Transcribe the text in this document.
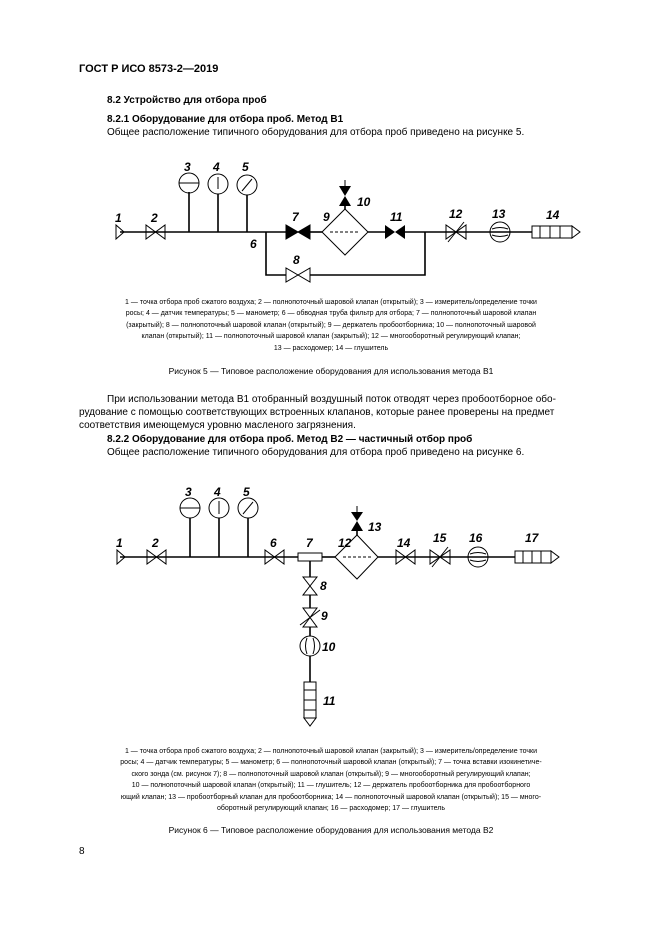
ГОСТ Р ИСО 8573-2—2019
8.2 Устройство для отбора проб
8.2.1 Оборудование для отбора проб. Метод B1
Общее расположение типичного оборудования для отбора проб приведено на рисунке 5.
3 4 5
1 2
6
7
8
9
10
11	12 13	14
1 — точка отбора проб сжатого воздуха; 2 — полнопоточный шаровой клапан (открытый); 3 — измеритель/определение точки
росы; 4 — датчик температуры; 5 — манометр; 6 — обводная труба фильтр для отбора; 7 — полнопоточный шаровой клапан
(закрытый); 8 — полнопоточный шаровой клапан (открытый); 9 — держатель пробоотборника; 10 — полнопоточный шаровой
клапан (открытый); 11 — полнопоточный шаровой клапан (закрытый); 12 — многооборотный регулирующий клапан;
13 — расходомер; 14 — глушитель
Рисунок 5 — Типовое расположение оборудования для использования метода B1
При использовании метода B1 отобранный воздушный поток отводят через пробоотборное оборудование с помощью соответствующих встроенных клапанов, которые ранее проверены на предмет соответствия имеющемуся уровню масленого загрязнения.
8.2.2 Оборудование для отбора проб. Метод B2 — частичный отбор проб
Общее расположение типичного оборудования для отбора проб приведено на рисунке 6.
1 2
3 4 5
6 7
8
9
10
11
12
13
14 15 16	17
1 — точка отбора проб сжатого воздуха; 2 — полнопоточный шаровой клапан (закрытый); 3 — измеритель/определение точки
росы; 4 — датчик температуры; 5 — манометр; 6 — полнопоточный шаровой клапан (открытый); 7 — точка вставки изокинетиче-
ского зонда (см. рисунок 7); 8 — полнопоточный шаровой клапан (открытый); 9 — многооборотный регулирующий клапан;
10 — полнопоточный шаровой клапан (открытый); 11 — глушитель; 12 — держатель пробоотборника для пробоотборного
ющий клапан; 13 — пробоотборный клапан для пробоотборника; 14 — полнопоточный шаровой клапан (открытый); 15 — много-
оборотный регулирующий клапан; 16 — расходомер; 17 — глушитель
Рисунок 6 — Типовое расположение оборудования для использования метода B2
8
